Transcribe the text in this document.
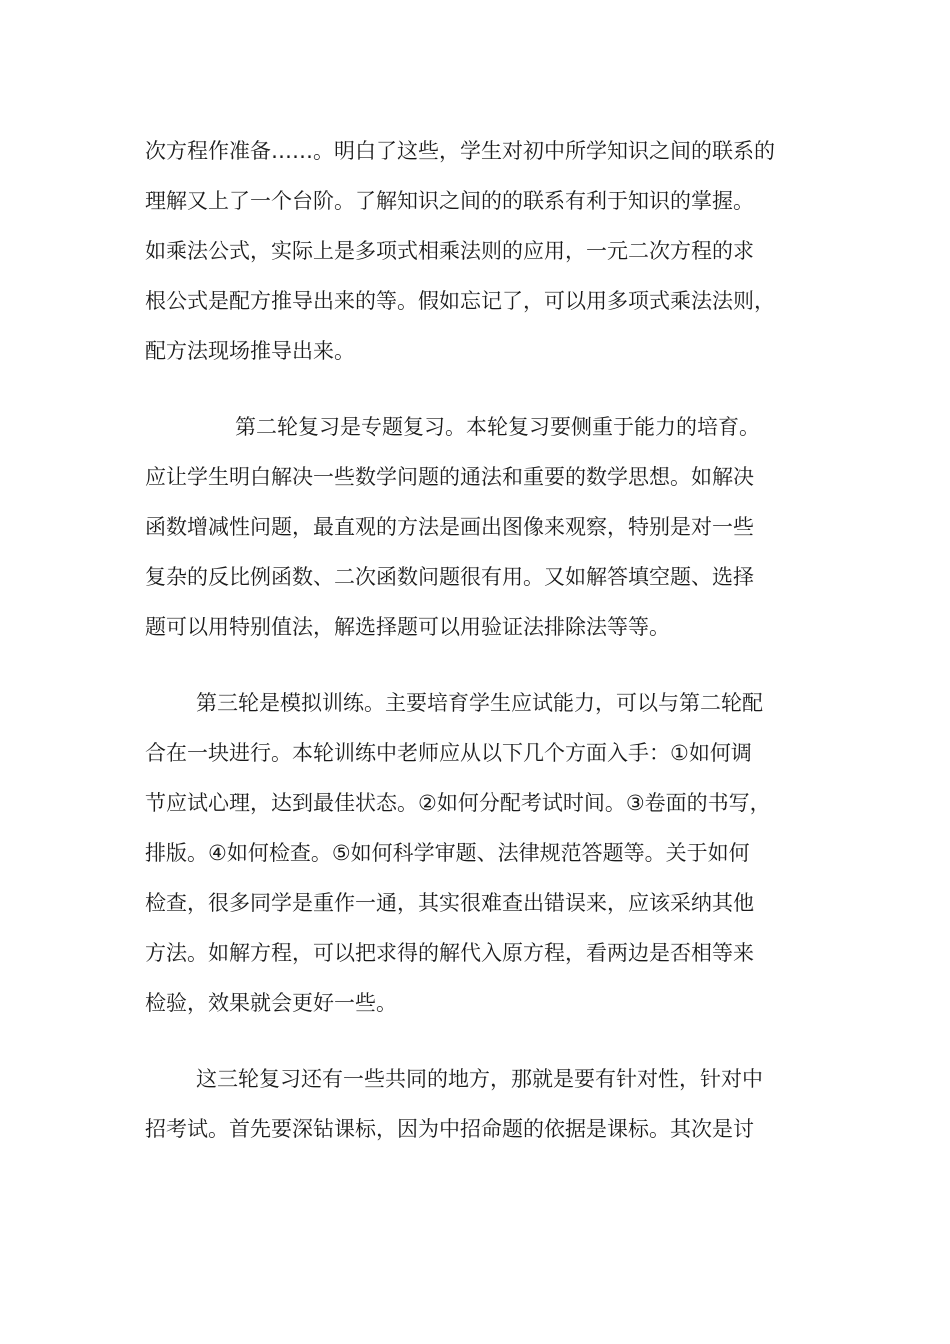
次方程作准备……。明白了这些，学生对初中所学知识之间的联系的
理解又上了一个台阶。了解知识之间的的联系有利于知识的掌握。
如乘法公式，实际上是多项式相乘法则的应用，一元二次方程的求
根公式是配方推导出来的等。假如忘记了，可以用多项式乘法法则，
配方法现场推导出来。
第二轮复习是专题复习。本轮复习要侧重于能力的培育。
应让学生明白解决一些数学问题的通法和重要的数学思想。如解决
函数增减性问题，最直观的方法是画出图像来观察，特别是对一些
复杂的反比例函数、二次函数问题很有用。又如解答填空题、选择
题可以用特别值法，解选择题可以用验证法排除法等等。
第三轮是模拟训练。主要培育学生应试能力，可以与第二轮配
合在一块进行。本轮训练中老师应从以下几个方面入手：①如何调
节应试心理，达到最佳状态。②如何分配考试时间。③卷面的书写，
排版。④如何检查。⑤如何科学审题、法律规范答题等。关于如何
检查，很多同学是重作一通，其实很难查出错误来，应该采纳其他
方法。如解方程，可以把求得的解代入原方程，看两边是否相等来
检验，效果就会更好一些。
这三轮复习还有一些共同的地方，那就是要有针对性，针对中
招考试。首先要深钻课标，因为中招命题的依据是课标。其次是讨
